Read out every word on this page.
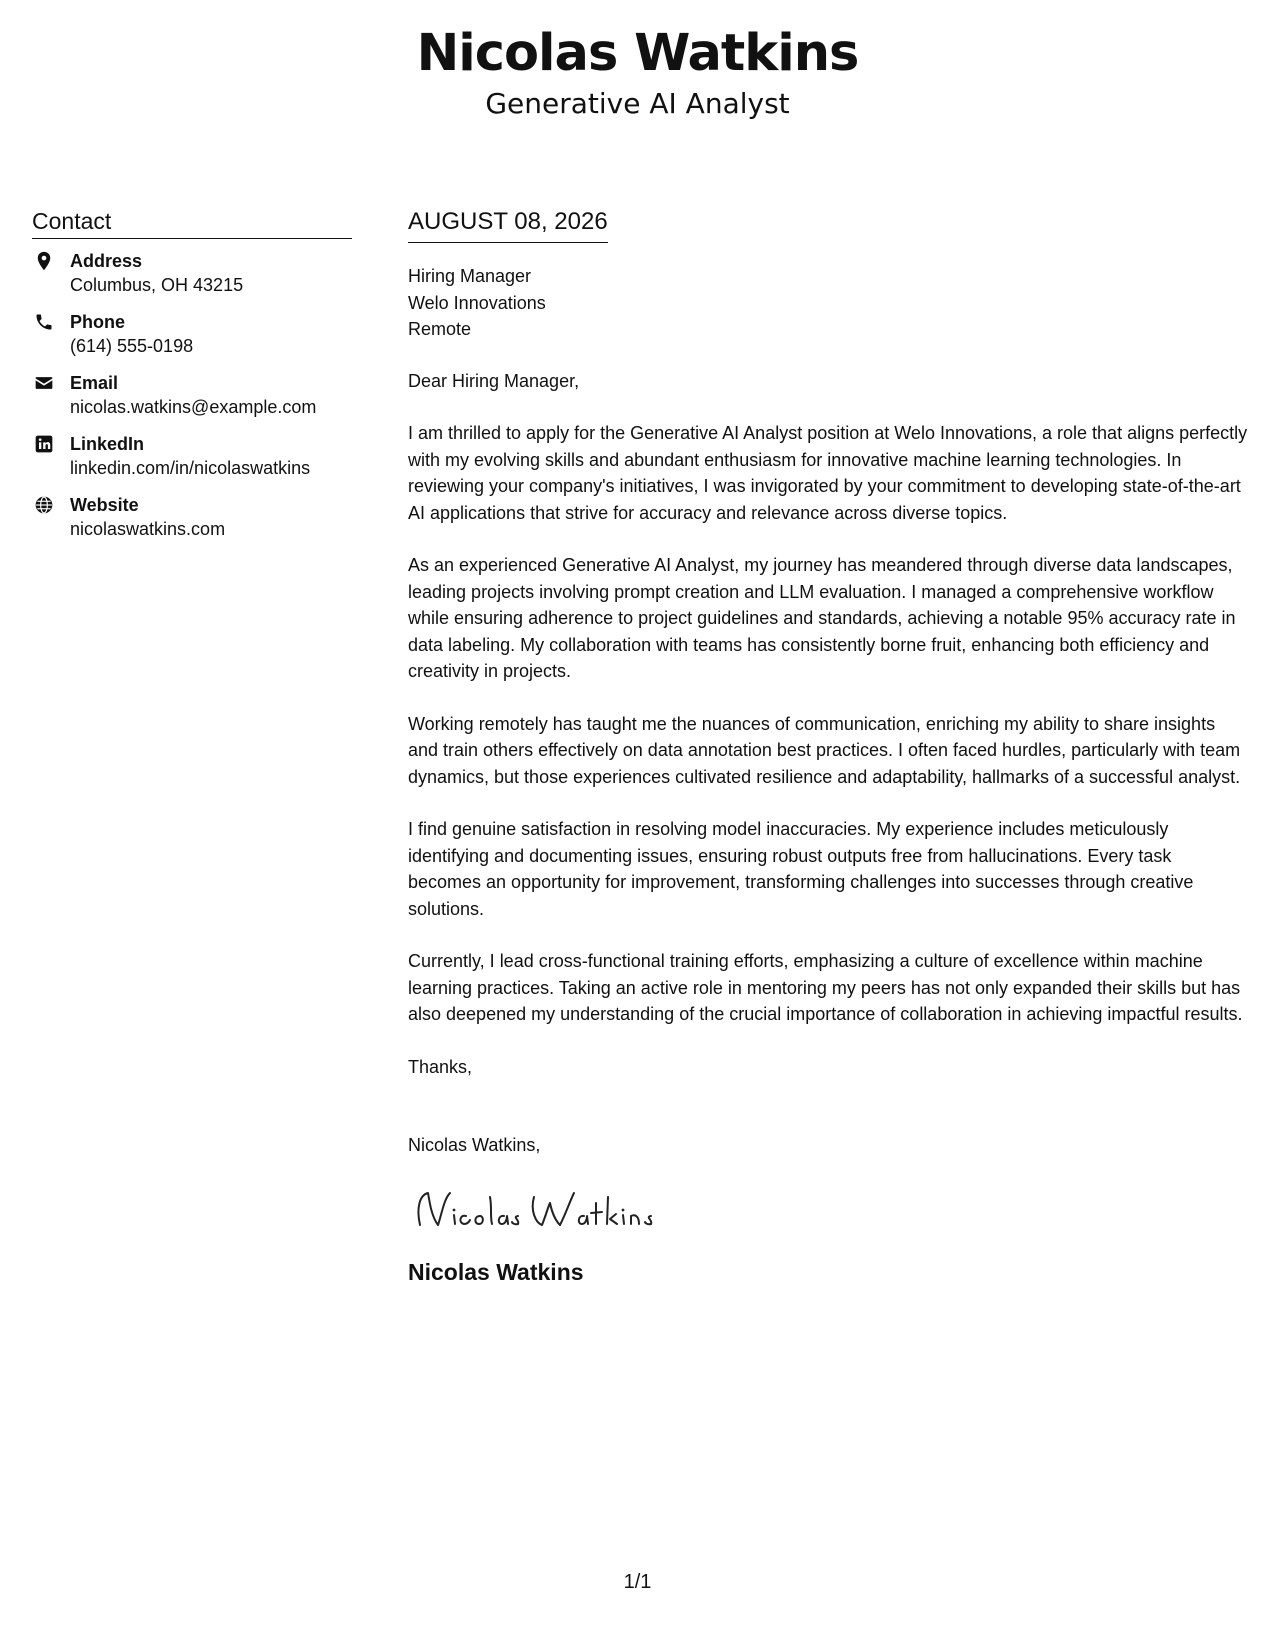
Nicolas Watkins
Generative AI Analyst
Contact
Address
Columbus, OH 43215
Phone
(614) 555-0198
Email
nicolas.watkins@example.com
LinkedIn
linkedin.com/in/nicolaswatkins
Website
nicolaswatkins.com
AUGUST 08, 2026
Hiring Manager
Welo Innovations
Remote
Dear Hiring Manager,
I am thrilled to apply for the Generative AI Analyst position at Welo Innovations, a role that aligns perfectly with my evolving skills and abundant enthusiasm for innovative machine learning technologies. In reviewing your company's initiatives, I was invigorated by your commitment to developing state-of-the-art AI applications that strive for accuracy and relevance across diverse topics.
As an experienced Generative AI Analyst, my journey has meandered through diverse data landscapes, leading projects involving prompt creation and LLM evaluation. I managed a comprehensive workflow while ensuring adherence to project guidelines and standards, achieving a notable 95% accuracy rate in data labeling. My collaboration with teams has consistently borne fruit, enhancing both efficiency and creativity in projects.
Working remotely has taught me the nuances of communication, enriching my ability to share insights and train others effectively on data annotation best practices. I often faced hurdles, particularly with team dynamics, but those experiences cultivated resilience and adaptability, hallmarks of a successful analyst.
I find genuine satisfaction in resolving model inaccuracies. My experience includes meticulously identifying and documenting issues, ensuring robust outputs free from hallucinations. Every task becomes an opportunity for improvement, transforming challenges into successes through creative solutions.
Currently, I lead cross-functional training efforts, emphasizing a culture of excellence within machine learning practices. Taking an active role in mentoring my peers has not only expanded their skills but has also deepened my understanding of the crucial importance of collaboration in achieving impactful results.
Thanks,
Nicolas Watkins,
Nicolas Watkins
1/1
